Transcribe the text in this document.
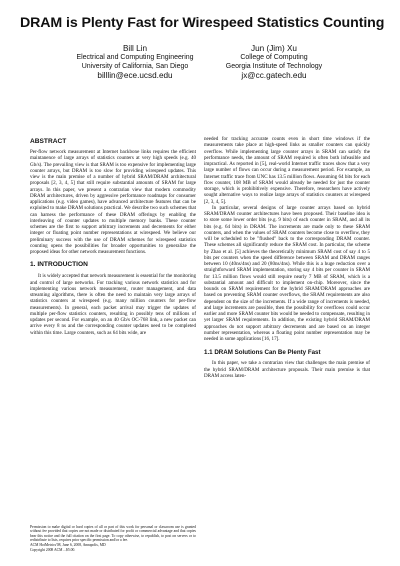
DRAM is Plenty Fast for Wirespeed Statistics Counting
Bill Lin
Electrical and Computing Engineering
University of California, San Diego
billlin@ece.ucsd.edu
Jun (Jim) Xu
College of Computing
Georgia Institute of Technology
jx@cc.gatech.edu
ABSTRACT

Per-flow network measurement at Internet backbone links requires the efficient maintanence of large arrays of statistics counters at very high speeds (e.g. 40 Gb/s). The prevailing view is that SRAM is too expensive for implementing large counter arrays, but DRAM is too slow for providing wirespeed updates. This view is the main premise of a number of hybrid SRAM/DRAM architectural proposals [2, 3, 4, 5] that still require substantial amounts of SRAM for large arrays. In this paper, we present a contrarian view that modern commodity DRAM architectures, driven by aggressive performance roadmaps for consumer applications (e.g. video games), have advanced architecture features that can be exploited to make DRAM solutions practical. We describe two such schemes that can harness the performance of these DRAM offerings by enabling the interleaving of counter updates to multiple memory banks. These counter schemes are the first to support arbitrary increments and decrements for either integer or floating point number representations at wirespeed. We believe our preliminary success with the use of DRAM schemes for wirespeed statistics counting opens the possibilities for broader opportunities to generalize the proposed ideas for other network measurement functions.

1. INTRODUCTION

It is widely accepted that network measurement is essential for the monitoring and control of large networks. For tracking various network statistics and for implementing various network measurement, router management, and data streaming algorithms, there is often the need to maintain very large arrays of statistics counters at wirespeed (e.g. many million counters for per-flow measurements). In general, each packet arrival may trigger the updates of multiple per-flow statistics counters, resulting in possibly tens of millions of updates per second. For example, on an 40 Gb/s OC-768 link, a new packet can arrive every 8 ns and the corresponding counter updates need to be completed within this time. Large counters, such as 64 bits wide, are

needed for tracking accurate counts even in short time windows if the measurements take place at high-speed links as smaller counters can quickly overflow. While implementing large counter arrays in SRAM can satisfy the performance needs, the amount of SRAM required is often both infeasible and impractical. As reported in [5], real-world Internet traffic traces show that a very large number of flows can occur during a measurement period. For example, an Internet traffic trace from UNC has 13.5 million flows. Assuming 64 bits for each flow counter, 108 MB of SRAM would already be needed for just the counter storage, which is prohibitively expensive. Therefore, researchers have actively sought alternative ways to realize large arrays of statistics counters at wirespeed [2, 3, 4, 5].

In particular, several designs of large counter arrays based on hybrid SRAM/DRAM counter architectures have been proposed. Their baseline idea is to store some lower order bits (e.g. 9 bits) of each counter in SRAM, and all its bits (e.g. 64 bits) in DRAM. The increments are made only to these SRAM counters, and when the values of SRAM counters become close to overflow, they will be scheduled to be "flushed" back to the corresponding DRAM counter. These schemes all significantly reduce the SRAM cost. In particular, the scheme by Zhao et al. [5] achieves the theoretically minimum SRAM cost of say 4 to 5 bits per counters when the speed difference between SRAM and DRAM ranges between 10 (40ns/4ns) and 20 (80ns/4ns). While this is a huge reduction over a straightforward SRAM implementation, storing say 4 bits per counter in SRAM for 13.5 million flows would still require nearly 7 MB of SRAM, which is a substantial amount and difficult to implement on-chip. Moreover, since the bounds on SRAM requirement for the hybrid SRAM/DRAM approaches are based on preventing SRAM counter overflows, the SRAM requirements are also dependent on the size of the increments. If a wide range of increments is needed, and large increments are possible, then the possibility for overflows could occur earlier and more SRAM counter bits would be needed to compensate, resulting in yet larger SRAM requirements. In addition, the existing hybrid SRAM/DRAM approaches do not support arbitrary decrements and are based on an integer number representation, whereas a floating point number representation may be needed in some applications [16, 17].

1.1 DRAM Solutions Can Be Plenty Fast

In this paper, we take a contrarian view that challenges the main premise of the hybrid SRAM/DRAM architecture proposals. Their main premise is that DRAM access laten-

Permission to make digital or hard copies of all or part of this work for personal or classroom use is granted without fee provided that copies are not made or distributed for profit or commercial advantage and that copies bear this notice and the full citation on the first page. To copy otherwise, to republish, to post on servers or to redistribute to lists, requires prior specific permission and/or a fee.

ACM HotMetrics'08, June 6, 2008, Annapolis, MD

Copyright 2008 ACM ...$5.00.
